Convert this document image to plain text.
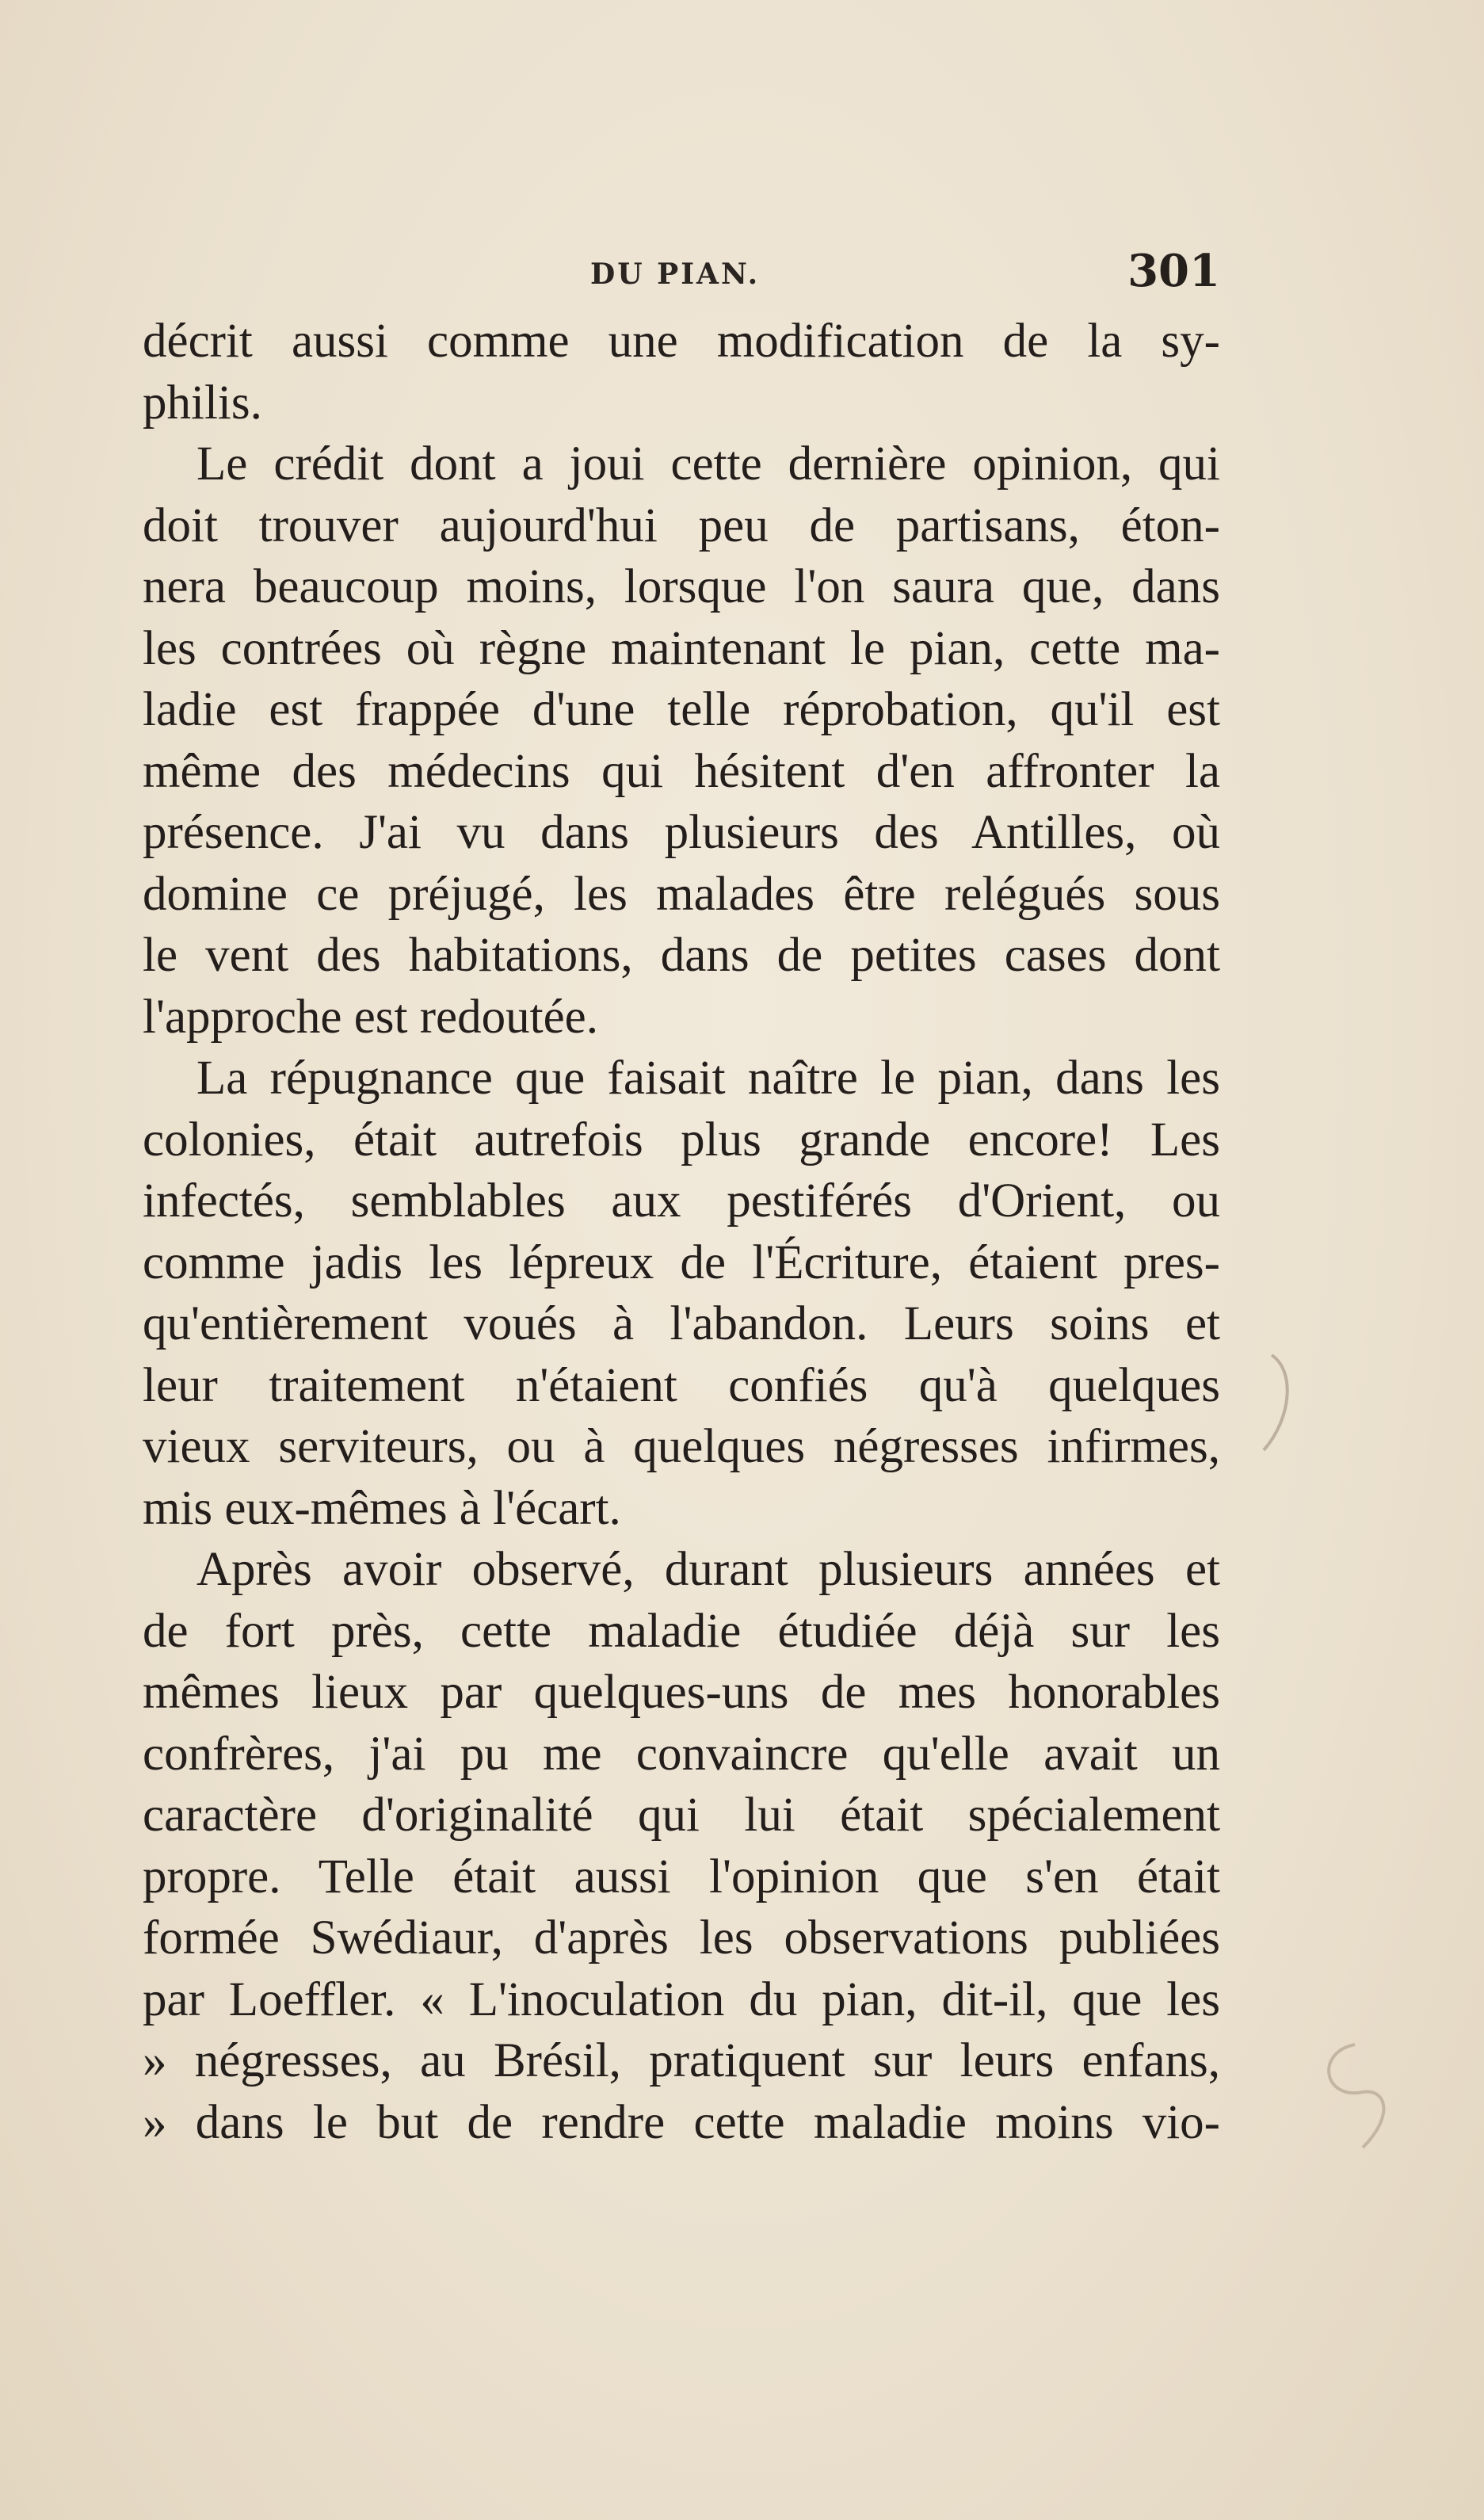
DU PIAN.	301
décrit aussi comme une modification de la sy-
philis.
Le crédit dont a joui cette dernière opinion, qui
doit trouver aujourd'hui peu de partisans, éton-
nera beaucoup moins, lorsque l'on saura que, dans
les contrées où règne maintenant le pian, cette ma-
ladie est frappée d'une telle réprobation, qu'il est
même des médecins qui hésitent d'en affronter la
présence. J'ai vu dans plusieurs des Antilles, où
domine ce préjugé, les malades être relégués sous
le vent des habitations, dans de petites cases dont
l'approche est redoutée.
La répugnance que faisait naître le pian, dans les
colonies, était autrefois plus grande encore! Les
infectés, semblables aux pestiférés d'Orient, ou
comme jadis les lépreux de l'Écriture, étaient pres-
qu'entièrement voués à l'abandon. Leurs soins et
leur traitement n'étaient confiés qu'à quelques
vieux serviteurs, ou à quelques négresses infirmes,
mis eux-mêmes à l'écart.
Après avoir observé, durant plusieurs années et
de fort près, cette maladie étudiée déjà sur les
mêmes lieux par quelques-uns de mes honorables
confrères, j'ai pu me convaincre qu'elle avait un
caractère d'originalité qui lui était spécialement
propre. Telle était aussi l'opinion que s'en était
formée Swédiaur, d'après les observations publiées
par Loeffler. « L'inoculation du pian, dit-il, que les
» négresses, au Brésil, pratiquent sur leurs enfans,
» dans le but de rendre cette maladie moins vio-
